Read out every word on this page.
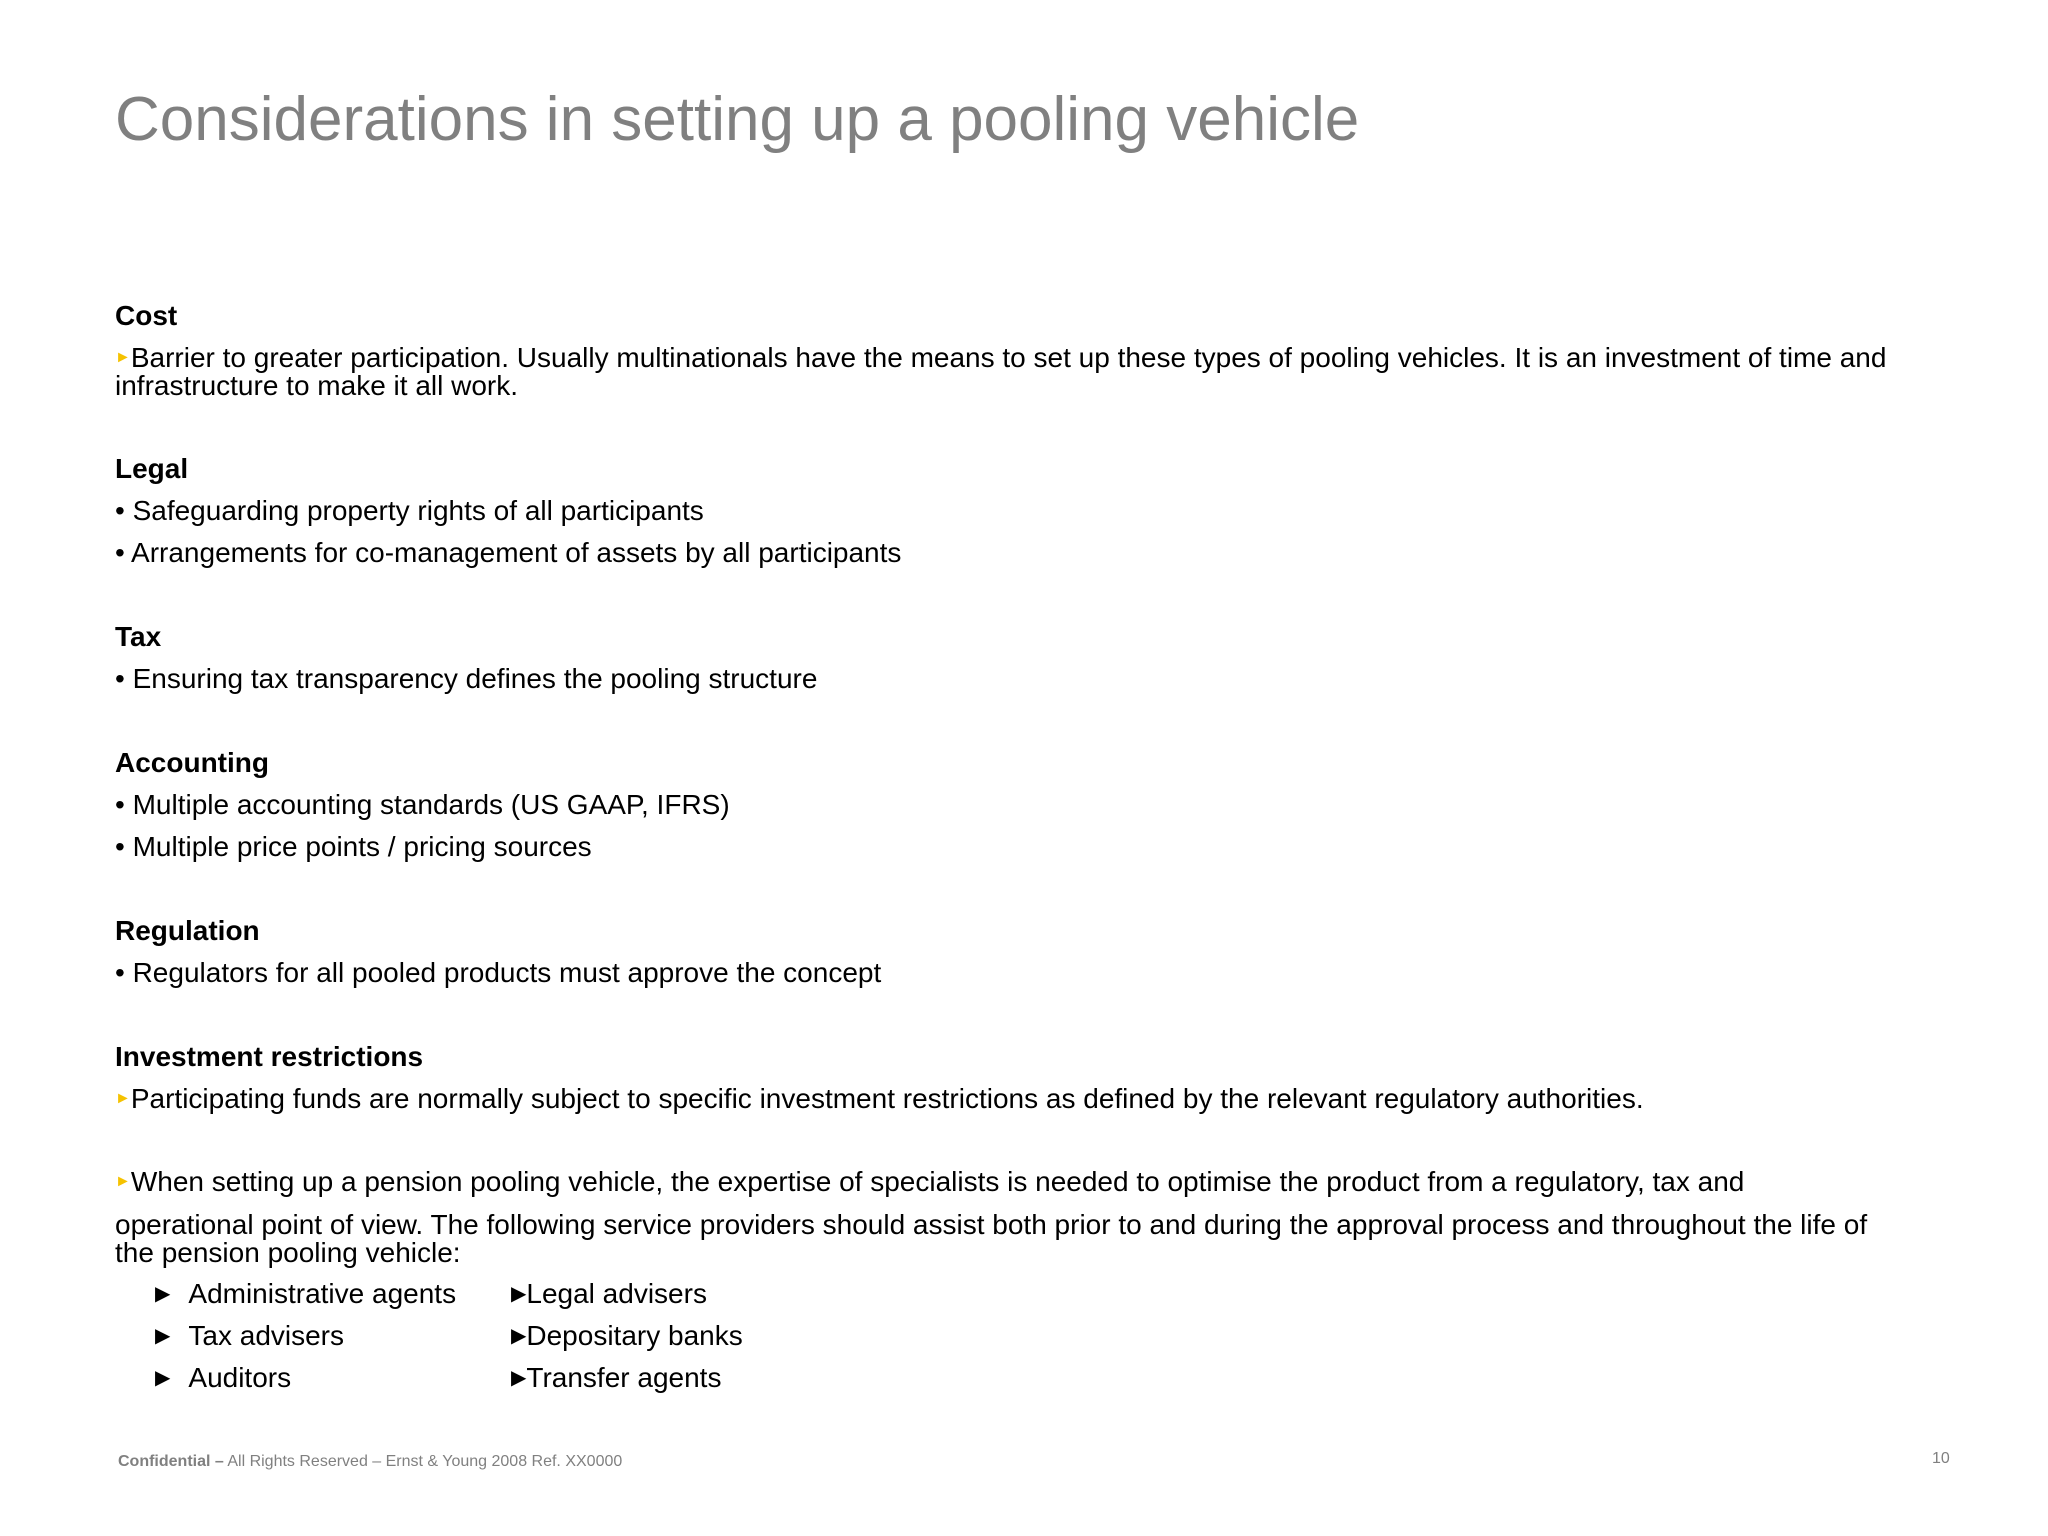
Considerations in setting up a pooling vehicle
Cost
►Barrier to greater participation. Usually multinationals have the means to set up these types of pooling vehicles. It is an investment of time and
infrastructure to make it all work.
Legal
• Safeguarding property rights of all participants
• Arrangements for co-management of assets by all participants
Tax
• Ensuring tax transparency defines the pooling structure
Accounting
• Multiple accounting standards (US GAAP, IFRS)
• Multiple price points / pricing sources
Regulation
• Regulators for all pooled products must approve the concept
Investment restrictions
►Participating funds are normally subject to specific investment restrictions as defined by the relevant regulatory authorities.
►When setting up a pension pooling vehicle, the expertise of specialists is needed to optimise the product from a regulatory, tax and
operational point of view. The following service providers should assist both prior to and during the approval process and throughout the life of
the pension pooling vehicle:
▶ Administrative agents
▶ Tax advisers
▶ Auditors
▶Legal advisers
▶Depositary banks
▶Transfer agents
Confidential – All Rights Reserved – Ernst & Young 2008 Ref. XX0000	10
